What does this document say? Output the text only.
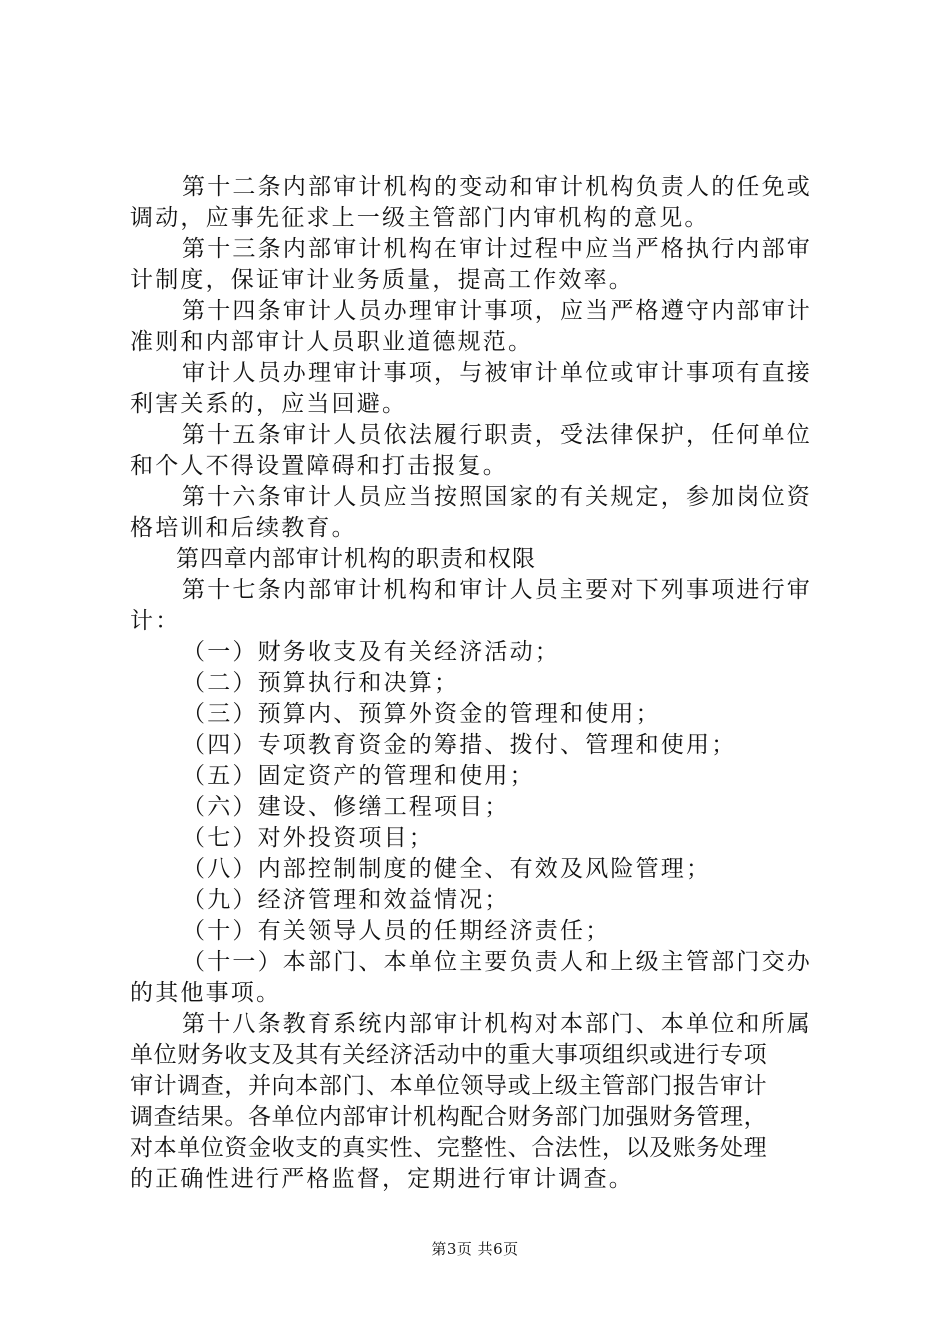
第十二条内部审计机构的变动和审计机构负责人的任免或
调动，应事先征求上一级主管部门内审机构的意见。
第十三条内部审计机构在审计过程中应当严格执行内部审
计制度，保证审计业务质量，提高工作效率。
第十四条审计人员办理审计事项，应当严格遵守内部审计
准则和内部审计人员职业道德规范。
审计人员办理审计事项，与被审计单位或审计事项有直接
利害关系的，应当回避。
第十五条审计人员依法履行职责，受法律保护，任何单位
和个人不得设置障碍和打击报复。
第十六条审计人员应当按照国家的有关规定，参加岗位资
格培训和后续教育。
第四章内部审计机构的职责和权限
第十七条内部审计机构和审计人员主要对下列事项进行审
计：
（一）财务收支及有关经济活动；
（二）预算执行和决算；
（三）预算内、预算外资金的管理和使用；
（四）专项教育资金的筹措、拨付、管理和使用；
（五）固定资产的管理和使用；
（六）建设、修缮工程项目；
（七）对外投资项目；
（八）内部控制制度的健全、有效及风险管理；
（九）经济管理和效益情况；
（十）有关领导人员的任期经济责任；
（十一）本部门、本单位主要负责人和上级主管部门交办
的其他事项。
第十八条教育系统内部审计机构对本部门、本单位和所属
单位财务收支及其有关经济活动中的重大事项组织或进行专项
审计调查，并向本部门、本单位领导或上级主管部门报告审计
调查结果。各单位内部审计机构配合财务部门加强财务管理，
对本单位资金收支的真实性、完整性、合法性，以及账务处理
的正确性进行严格监督，定期进行审计调查。
第3页 共6页
